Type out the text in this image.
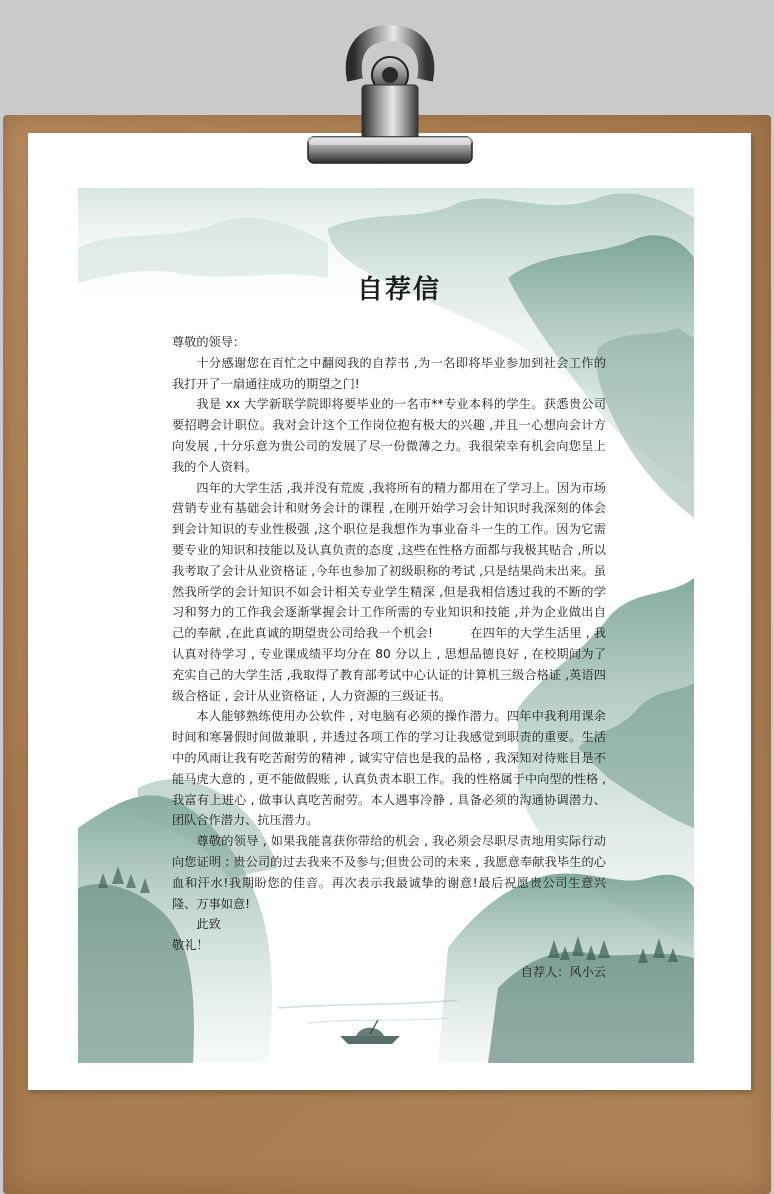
自荐信

尊敬的领导：

十分感谢您在百忙之中翻阅我的自荐书 ,为一名即将毕业参加到社会工作的我打开了一扇通往成功的期望之门!

我是 xx 大学新联学院即将要毕业的一名市**专业本科的学生。获悉贵公司要招聘会计职位。我对会计这个工作岗位抱有极大的兴趣 ,并且一心想向会计方向发展 ,十分乐意为贵公司的发展了尽一份微薄之力。我很荣幸有机会向您呈上我的个人资料。

四年的大学生活 ,我并没有荒废 ,我将所有的精力都用在了学习上。因为市场营销专业有基础会计和财务会计的课程 ,在刚开始学习会计知识时我深刻的体会到会计知识的专业性极强 ,这个职位是我想作为事业奋斗一生的工作。因为它需要专业的知识和技能以及认真负责的态度 ,这些在性格方面都与我极其贴合 ,所以我考取了会计从业资格证 ,今年也参加了初级职称的考试 ,只是结果尚未出来。虽然我所学的会计知识不如会计相关专业学生精深 ,但是我相信透过我的不断的学习和努力的工作我会逐渐掌握会计工作所需的专业知识和技能 ,并为企业做出自己的奉献 ,在此真诚的期望贵公司给我一个机会!　　　在四年的大学生活里 , 我认真对待学习 , 专业课成绩平均分在 80 分以上 , 思想品德良好 , 在校期间为了充实自己的大学生活 ,我取得了教育部考试中心认证的计算机三级合格证 ,英语四级合格证 , 会计从业资格证 , 人力资源的三级证书。

本人能够熟练使用办公软件 , 对电脑有必须的操作潜力。四年中我利用课余时间和寒暑假时间做兼职 , 并透过各项工作的学习让我感觉到职责的重要。生活中的风雨让我有吃苦耐劳的精神 , 诚实守信也是我的品格 , 我深知对待账目是不能马虎大意的 , 更不能做假账 , 认真负责本职工作。我的性格属于中向型的性格 , 我富有上进心 , 做事认真吃苦耐劳。本人遇事冷静 , 具备必须的沟通协调潜力、团队合作潜力、抗压潜力。

尊敬的领导 , 如果我能喜获你带给的机会 , 我必须会尽职尽责地用实际行动向您证明 : 贵公司的过去我来不及参与;但贵公司的未来 , 我愿意奉献我毕生的心血和汗水!我期盼您的佳音。再次表示我最诚挚的谢意!最后祝愿贵公司生意兴隆、万事如意!

此致

敬礼！

自荐人：风小云
